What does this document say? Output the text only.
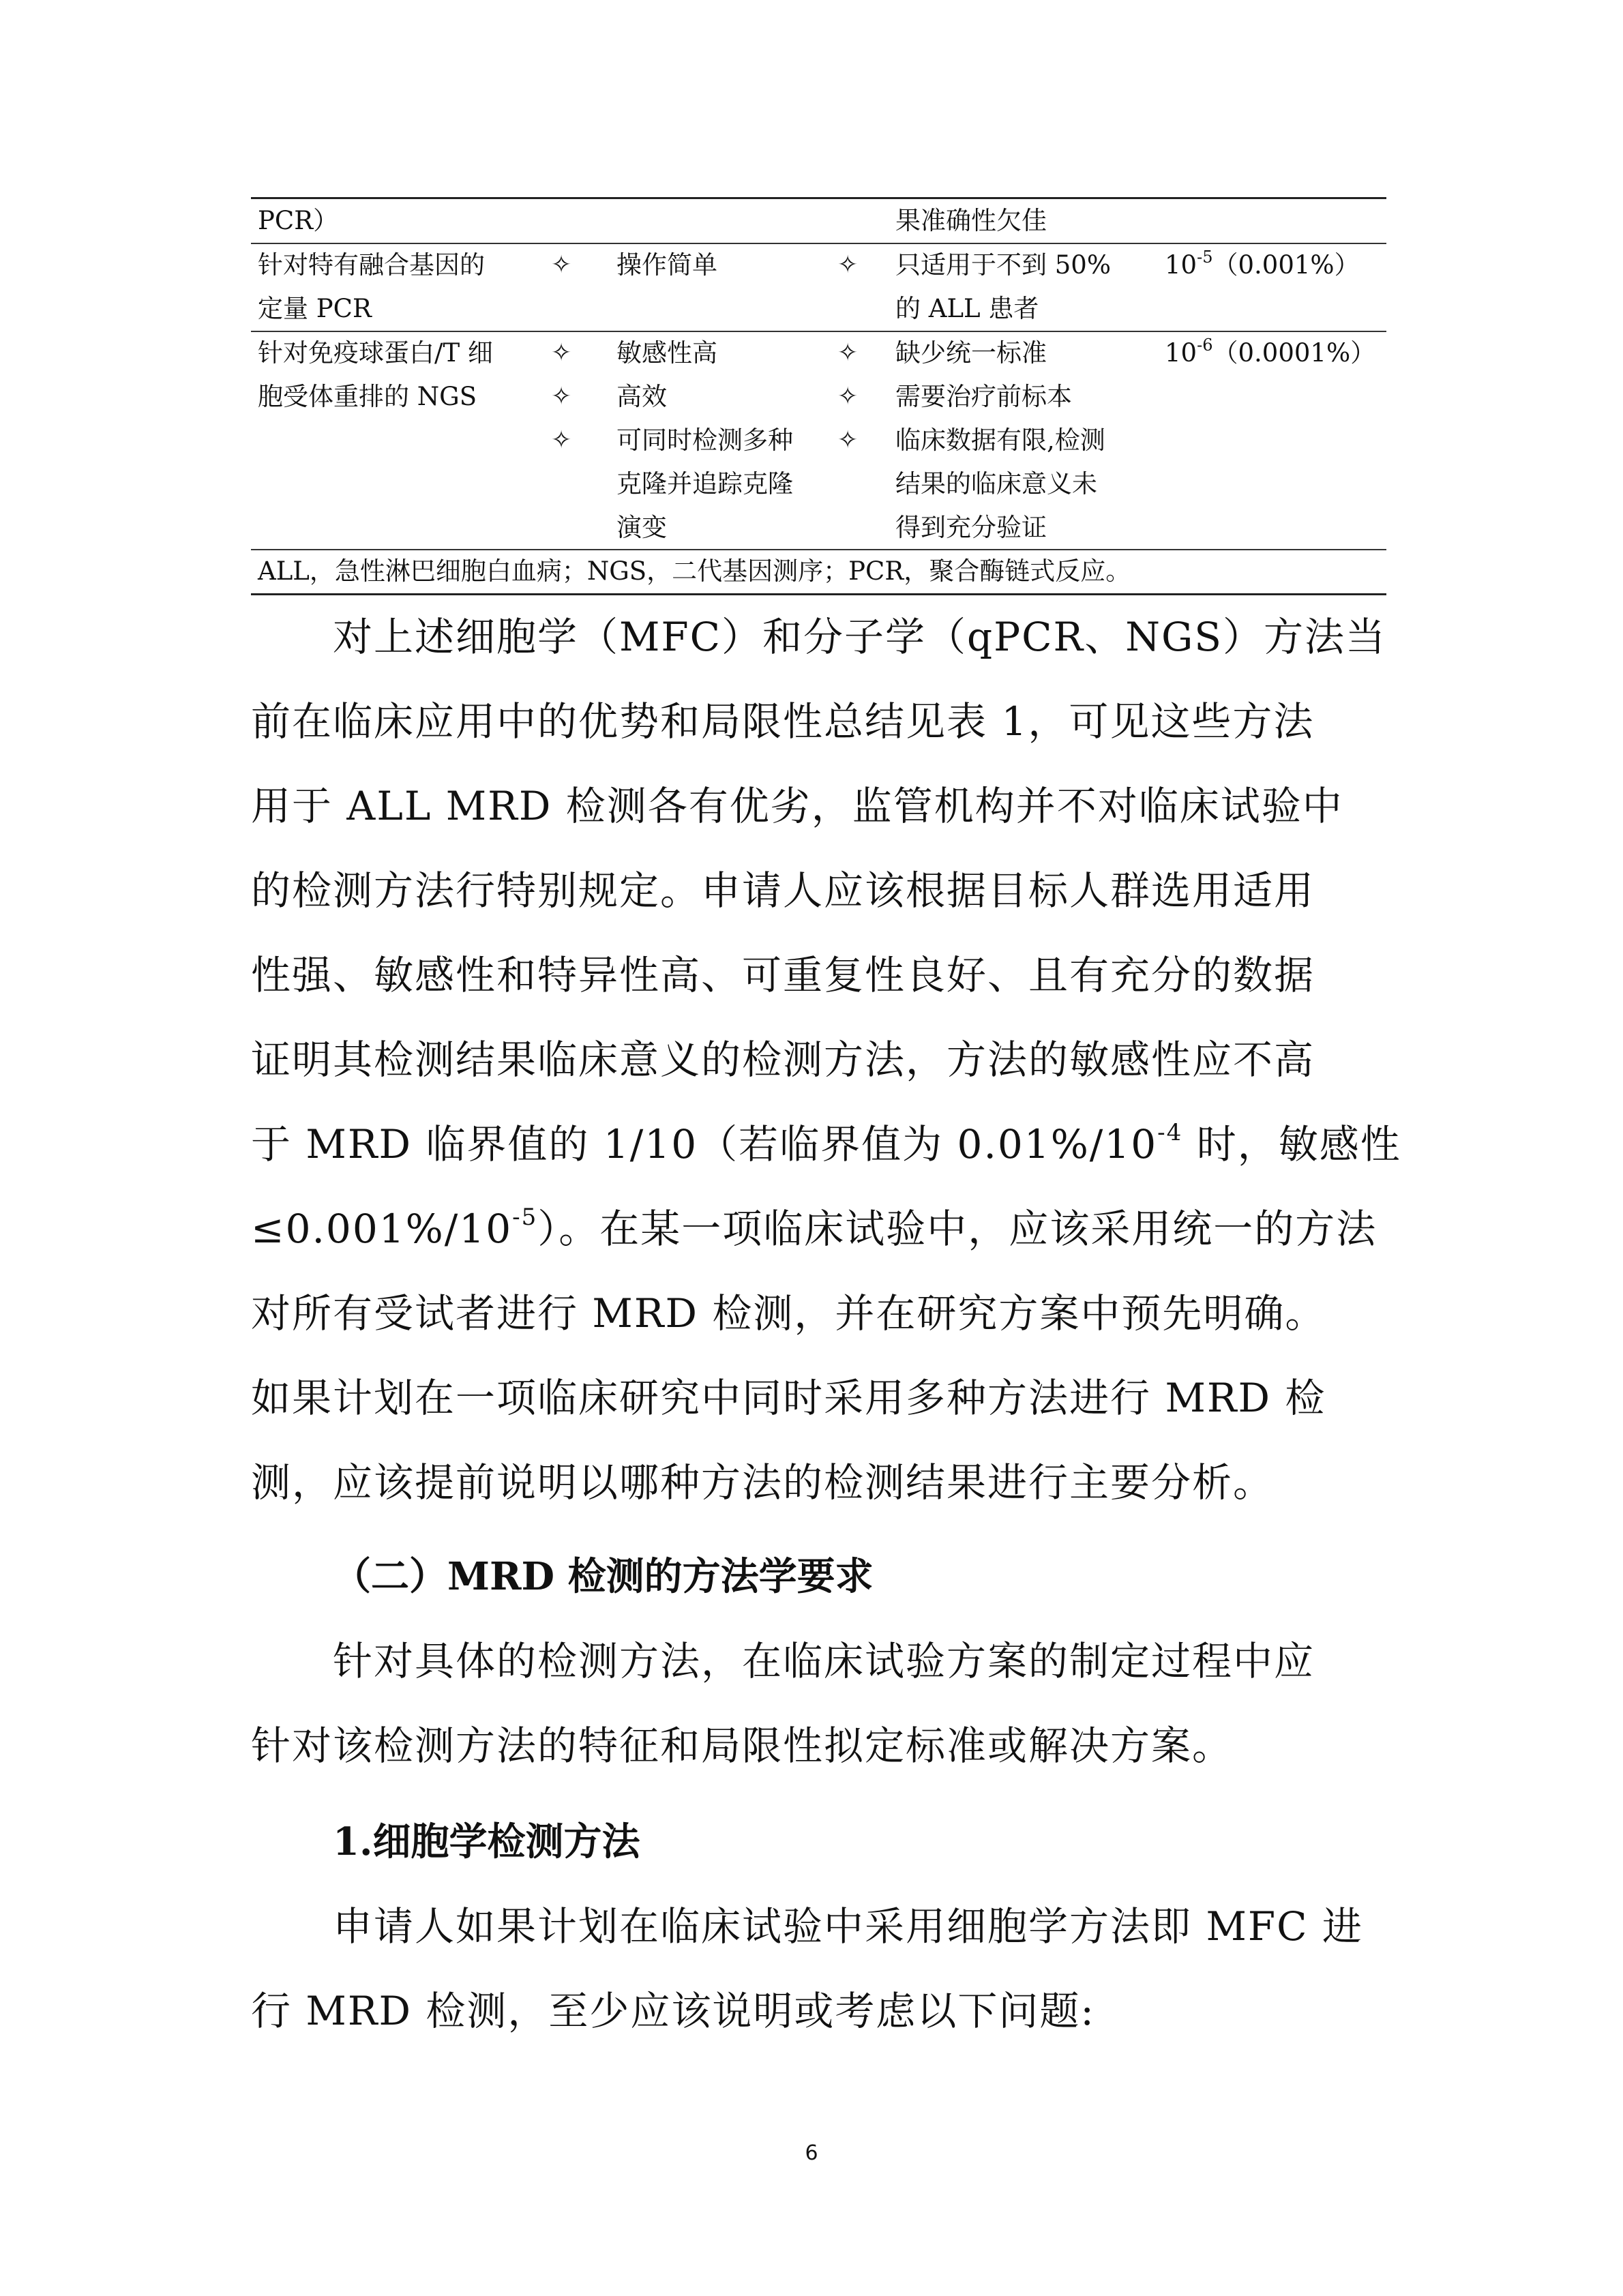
PCR）	果准确性欠佳
针对特有融合基因的
定量 PCR
✧ 操作简单	✧ 只适用于不到 50%
的 ALL 患者
$10^{-5}(0.001\%)$
针对免疫球蛋白/T 细
胞受体重排的 NGS
✧
✧
✧
敏感性高
高效
可同时检测多种
克隆并追踪克隆
演变
✧
✧
✧
缺少统一标准
需要治疗前标本
临床数据有限,检测
结果的临床意义未
得到充分验证
$10^{-6}(0.0001\%)$
ALL，急性淋巴细胞白血病；NGS，二代基因测序；PCR，聚合酶链式反应。
对上述细胞学（MFC）和分子学（qPCR、NGS）方法当
前在临床应用中的优势和局限性总结见表 1，可见这些方法
用于 ALL MRD 检测各有优劣，监管机构并不对临床试验中
的检测方法行特别规定。申请人应该根据目标人群选用适用
性强、敏感性和特异性高、可重复性良好、且有充分的数据
证明其检测结果临床意义的检测方法，方法的敏感性应不高
于 MRD 临界值的 1/10（若临界值为 $0.01\%/10^{-4}$ 时，敏感性
$\le 0.001\%/10^{-5}$）。在某一项临床试验中，应该采用统一的方法
对所有受试者进行 MRD 检测，并在研究方案中预先明确。
如果计划在一项临床研究中同时采用多种方法进行 MRD 检
测，应该提前说明以哪种方法的检测结果进行主要分析。
（二）MRD 检测的方法学要求
针对具体的检测方法，在临床试验方案的制定过程中应
针对该检测方法的特征和局限性拟定标准或解决方案。
1.细胞学检测方法
申请人如果计划在临床试验中采用细胞学方法即 MFC 进
行 MRD 检测，至少应该说明或考虑以下问题:
6
